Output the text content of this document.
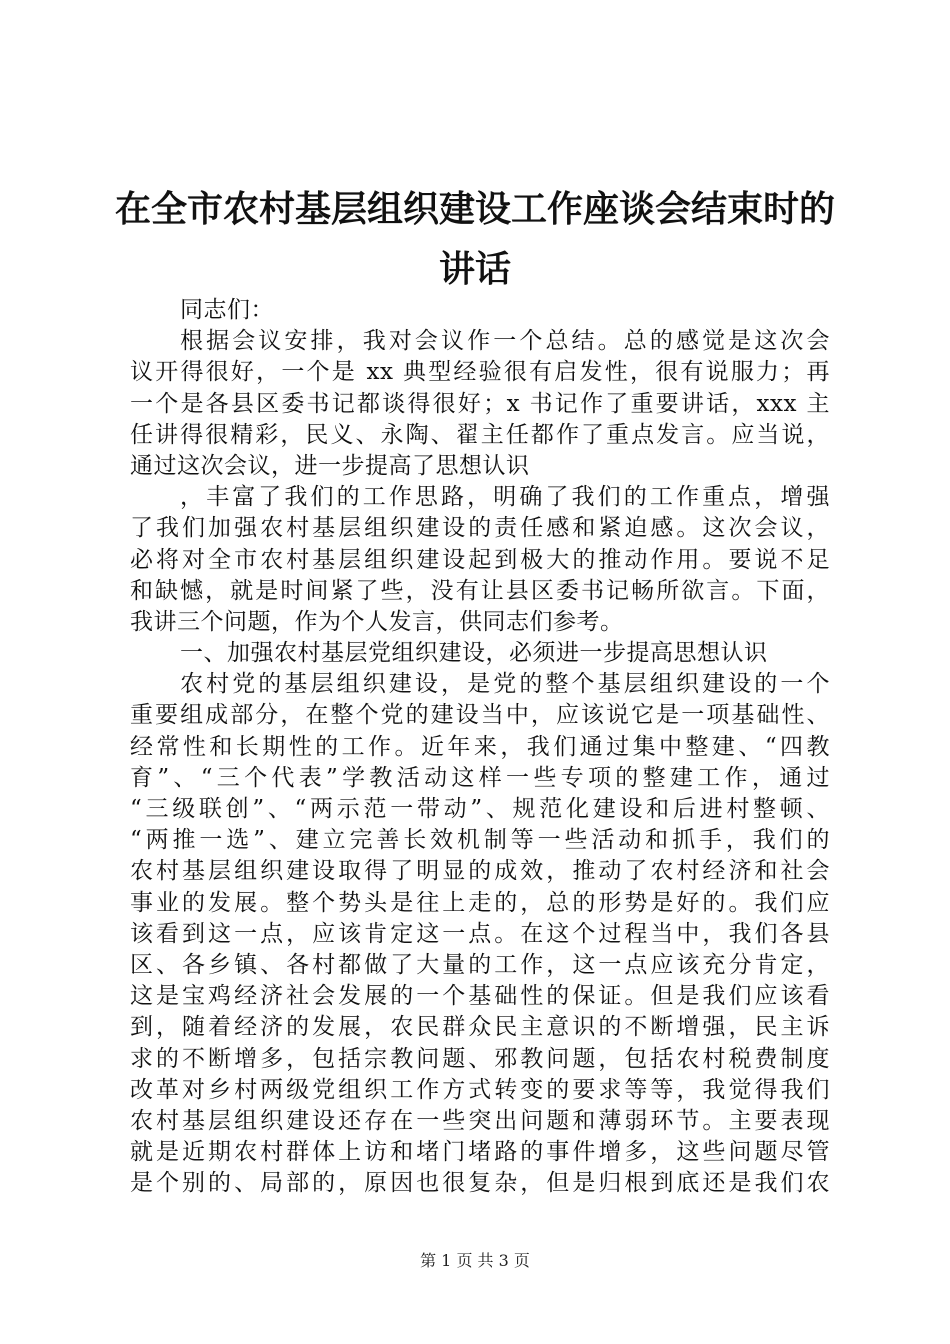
在全市农村基层组织建设工作座谈会结束时的
讲话
同志们：
根据会议安排，我对会议作一个总结。总的感觉是这次会
议开得很好，一个是 xx 典型经验很有启发性，很有说服力；再
一个是各县区委书记都谈得很好；x 书记作了重要讲话，xxx 主
任讲得很精彩，民义、永陶、翟主任都作了重点发言。应当说，
通过这次会议，进一步提高了思想认识
，丰富了我们的工作思路，明确了我们的工作重点，增强
了我们加强农村基层组织建设的责任感和紧迫感。这次会议，
必将对全市农村基层组织建设起到极大的推动作用。要说不足
和缺憾，就是时间紧了些，没有让县区委书记畅所欲言。下面，
我讲三个问题，作为个人发言，供同志们参考。
一、加强农村基层党组织建设，必须进一步提高思想认识
农村党的基层组织建设，是党的整个基层组织建设的一个
重要组成部分，在整个党的建设当中，应该说它是一项基础性、
经常性和长期性的工作。近年来，我们通过集中整建、“四教
育”、“三个代表”学教活动这样一些专项的整建工作，通过
“三级联创”、“两示范一带动”、规范化建设和后进村整顿、
“两推一选”、建立完善长效机制等一些活动和抓手，我们的
农村基层组织建设取得了明显的成效，推动了农村经济和社会
事业的发展。整个势头是往上走的，总的形势是好的。我们应
该看到这一点，应该肯定这一点。在这个过程当中，我们各县
区、各乡镇、各村都做了大量的工作，这一点应该充分肯定，
这是宝鸡经济社会发展的一个基础性的保证。但是我们应该看
到，随着经济的发展，农民群众民主意识的不断增强，民主诉
求的不断增多，包括宗教问题、邪教问题，包括农村税费制度
改革对乡村两级党组织工作方式转变的要求等等，我觉得我们
农村基层组织建设还存在一些突出问题和薄弱环节。主要表现
就是近期农村群体上访和堵门堵路的事件增多，这些问题尽管
是个别的、局部的，原因也很复杂，但是归根到底还是我们农
第 1 页 共 3 页
